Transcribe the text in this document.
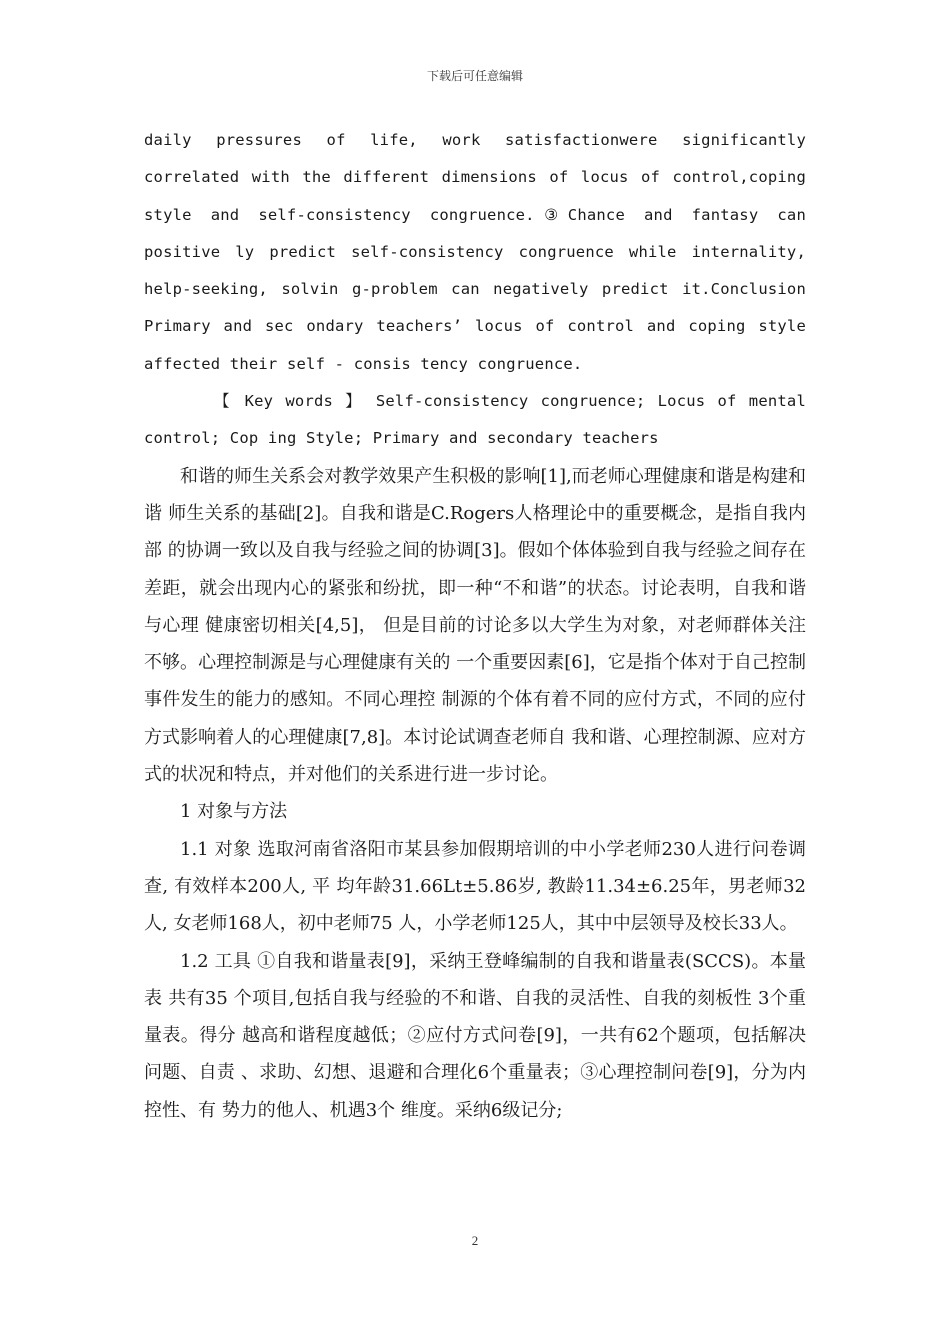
下载后可任意编辑

daily pressures of life, work satisfactionwere significantly

correlated with the different dimensions of locus of control,coping

style and self-consistency congruence.③Chance and fantasy can

positive ly predict self-consistency congruence while internality,

help-seeking, solvin g-problem can negatively predict it.Conclusion

Primary and sec ondary teachers’ locus of control and coping style

affected their self - consis tency congruence.

【 Key words 】 Self-consistency congruence; Locus of mental

control; Cop ing Style; Primary and secondary teachers

和谐的师生关系会对教学效果产生积极的影响[1],而老师心理健康和谐是构建和谐 师生关系的基础[2]。自我和谐是C.Rogers人格理论中的重要概念，是指自我内部 的协调一致以及自我与经验之间的协调[3]。假如个体体验到自我与经验之间存在 差距，就会出现内心的紧张和纷扰，即一种“不和谐”的状态。讨论表明，自我和谐与心理 健康密切相关[4,5]， 但是目前的讨论多以大学生为对象，对老师群体关注不够。心理控制源是与心理健康有关的 一个重要因素[6]，它是指个体对于自己控制事件发生的能力的感知。不同心理控 制源的个体有着不同的应付方式，不同的应付方式影响着人的心理健康[7,8]。本讨论试调查老师自 我和谐、心理控制源、应对方式的状况和特点，并对他们的关系进行进一步讨论。

1 对象与方法

1.1 对象 选取河南省洛阳市某县参加假期培训的中小学老师230人进行问卷调查, 有效样本200人, 平 均年龄31.66Lt±5.86岁, 教龄11.34±6.25年，男老师32人, 女老师168人，初中老师75 人，小学老师125人，其中中层领导及校长33人。

1.2 工具 ①自我和谐量表[9]，采纳王登峰编制的自我和谐量表(SCCS)。本量表 共有35 个项目,包括自我与经验的不和谐、自我的灵活性、自我的刻板性 3个重量表。得分 越高和谐程度越低；②应付方式问卷[9]，一共有62个题项，包括解决问题、自责 、求助、幻想、退避和合理化6个重量表；③心理控制问卷[9]，分为内控性、有 势力的他人、机遇3个 维度。采纳6级记分;

2
